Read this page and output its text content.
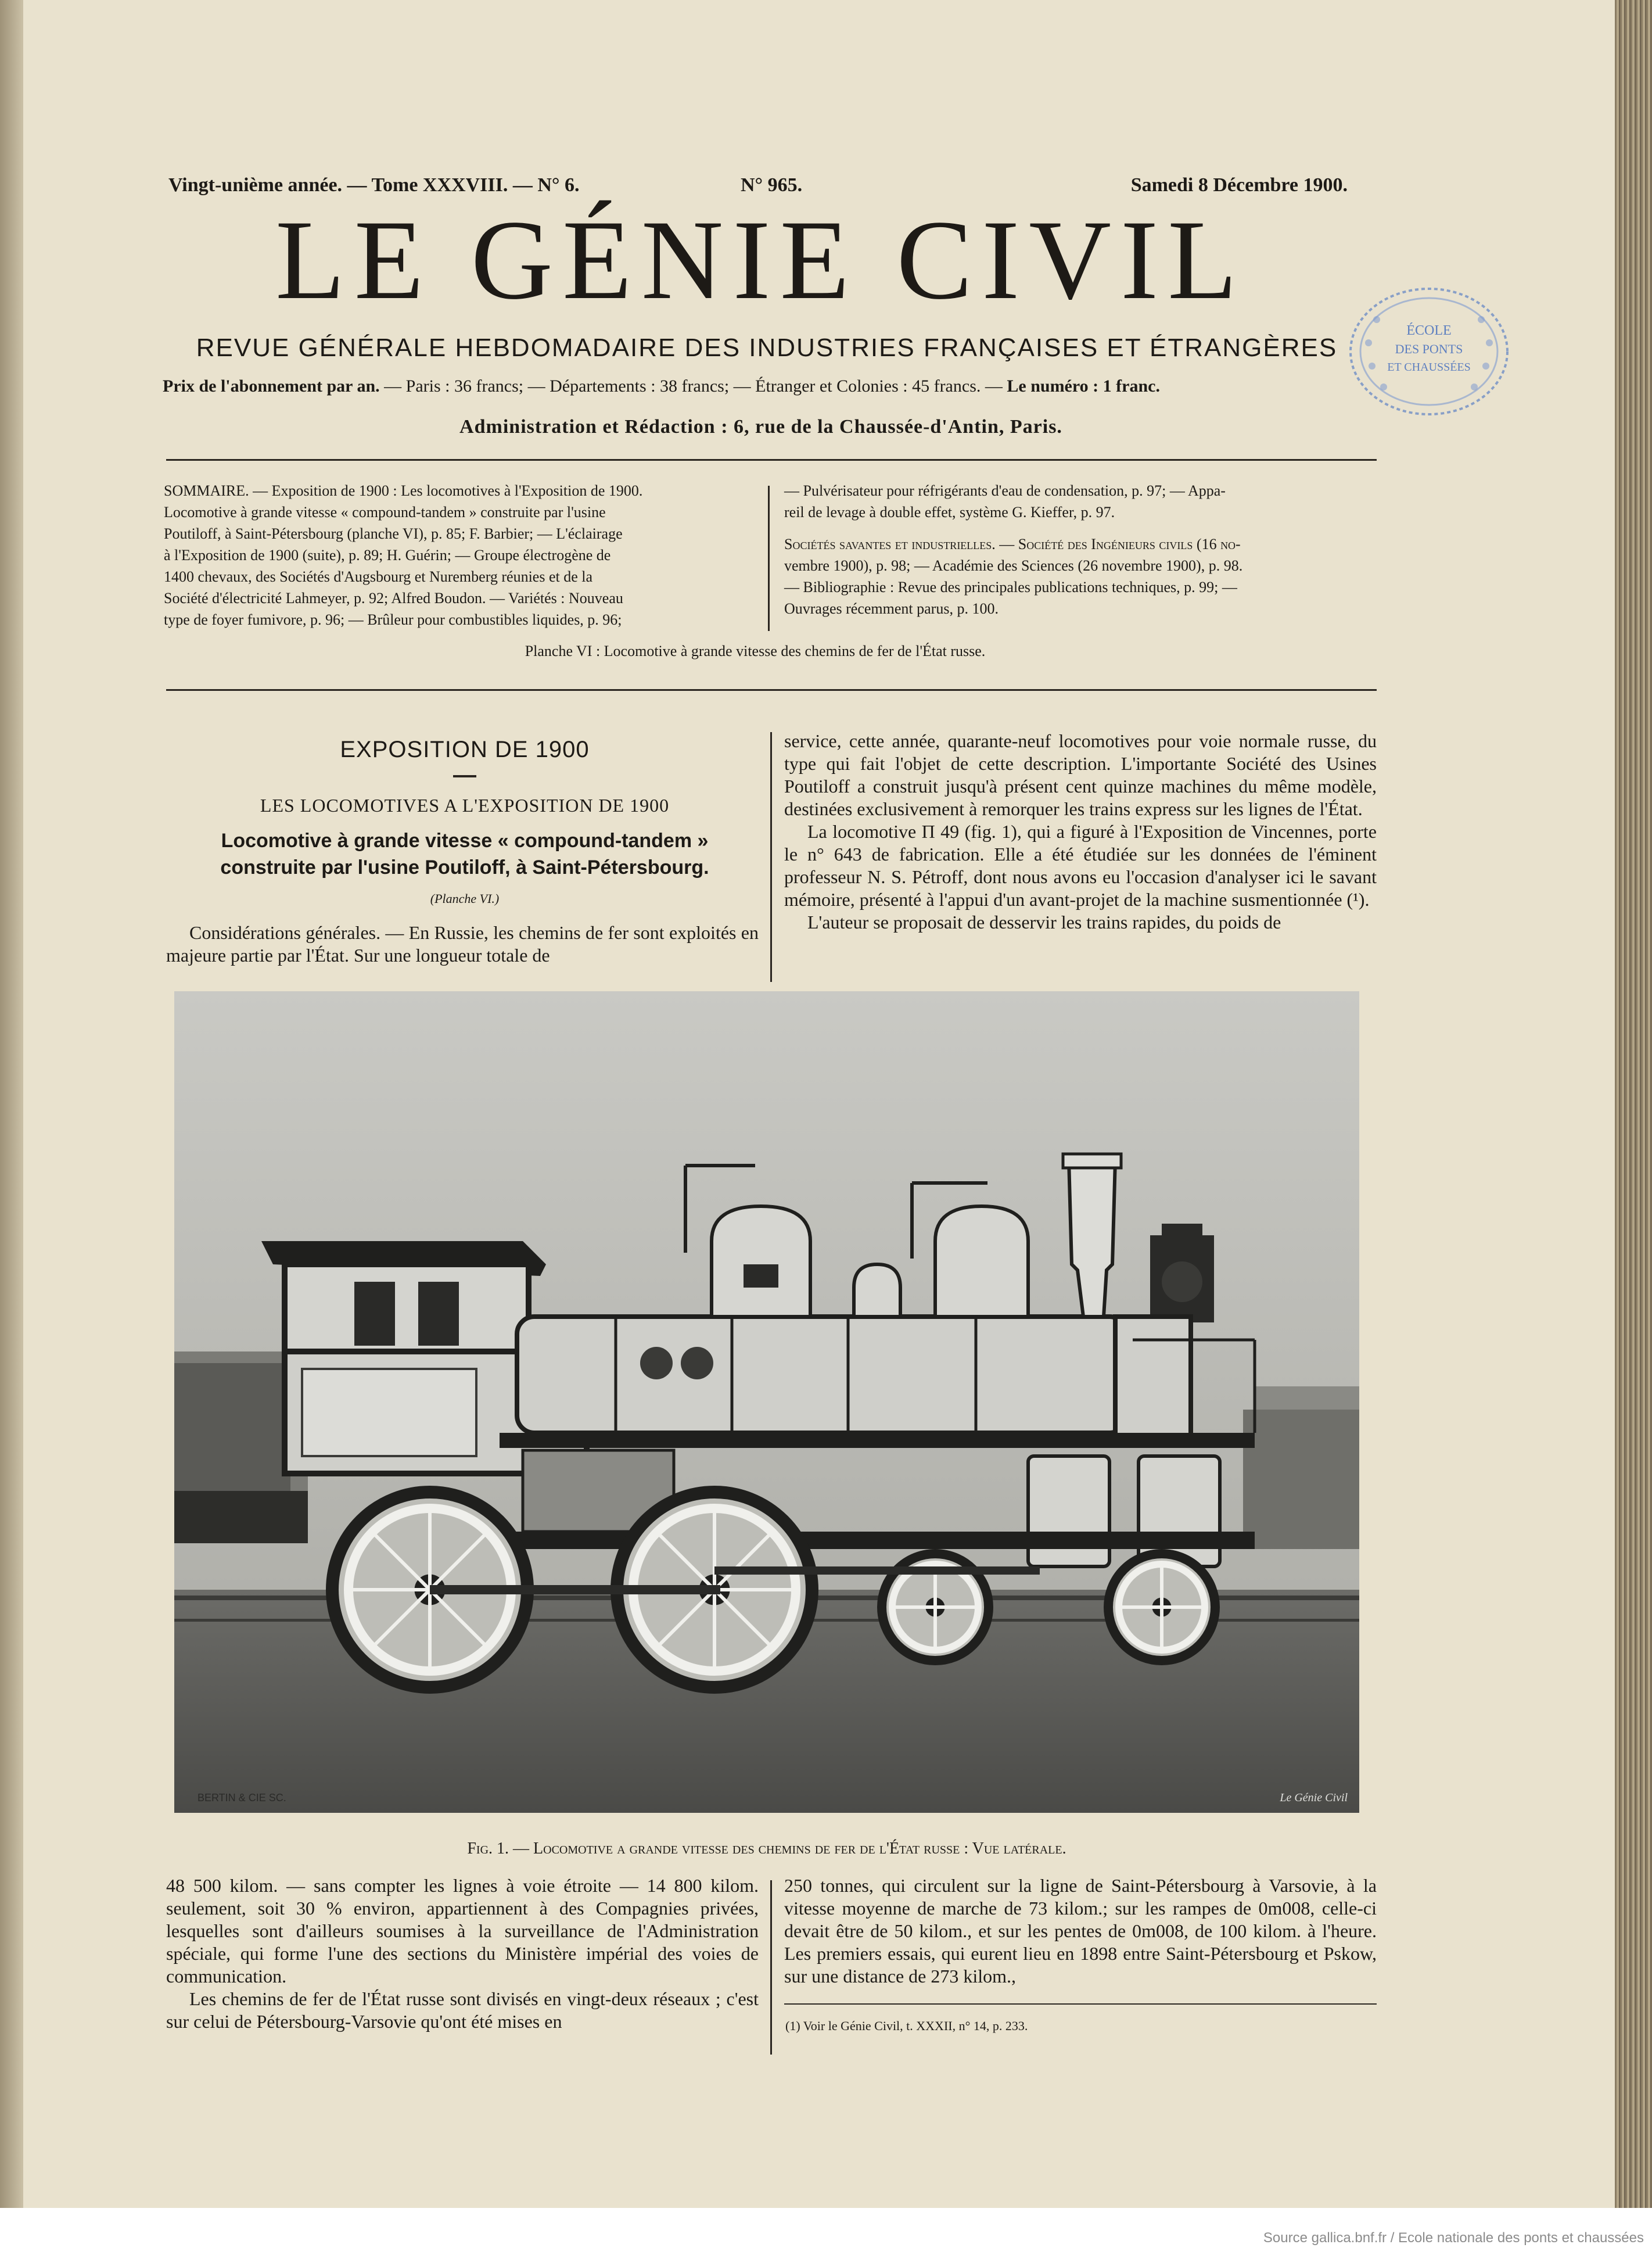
Vingt-unième année. — Tome XXXVIII. — N° 6.	N° 965.	Samedi 8 Décembre 1900.
LE GÉNIE CIVIL
REVUE GÉNÉRALE HEBDOMADAIRE DES INDUSTRIES FRANÇAISES ET ÉTRANGÈRES
Prix de l'abonnement par an. — Paris : 36 francs; — Départements : 38 francs; — Étranger et Colonies : 45 francs. — Le numéro : 1 franc.
Administration et Rédaction : 6, rue de la Chaussée-d'Antin, Paris.
ÉCOLE
DES PONTS
ET CHAUSSÉES
SOMMAIRE. — Exposition de 1900 : Les locomotives à l'Exposition de 1900.
Locomotive à grande vitesse « compound-tandem » construite par l'usine
Poutiloff, à Saint-Pétersbourg (planche VI), p. 85; F. Barbier; — L'éclairage
à l'Exposition de 1900 (suite), p. 89; H. Guérin; — Groupe électrogène de
1400 chevaux, des Sociétés d'Augsbourg et Nuremberg réunies et de la
Société d'électricité Lahmeyer, p. 92; Alfred Boudon. — Variétés : Nouveau
type de foyer fumivore, p. 96; — Brûleur pour combustibles liquides, p. 96;
— Pulvérisateur pour réfrigérants d'eau de condensation, p. 97; — Appa-
reil de levage à double effet, système G. Kieffer, p. 97.
Sociétés savantes et industrielles. — Société des Ingénieurs civils (16 no-
vembre 1900), p. 98; — Académie des Sciences (26 novembre 1900), p. 98.
— Bibliographie : Revue des principales publications techniques, p. 99; —
Ouvrages récemment parus, p. 100.
Planche VI : Locomotive à grande vitesse des chemins de fer de l'État russe.
EXPOSITION DE 1900
LES LOCOMOTIVES A L'EXPOSITION DE 1900
Locomotive à grande vitesse « compound-tandem »
construite par l'usine Poutiloff, à Saint-Pétersbourg.
(Planche VI.)

Considérations générales. — En Russie, les chemins de fer sont exploités en majeure partie par l'État. Sur une longueur totale de

service, cette année, quarante-neuf locomotives pour voie normale russe, du type qui fait l'objet de cette description. L'importante Société des Usines Poutiloff a construit jusqu'à présent cent quinze machines du même modèle, destinées exclusivement à remorquer les trains express sur les lignes de l'État.

La locomotive Π 49 (fig. 1), qui a figuré à l'Exposition de Vincennes, porte le n° 643 de fabrication. Elle a été étudiée sur les données de l'éminent professeur N. S. Pétroff, dont nous avons eu l'occasion d'analyser ici le savant mémoire, présenté à l'appui d'un avant-projet de la machine susmentionnée (¹).

L'auteur se proposait de desservir les trains rapides, du poids de

BERTIN & CIE SC.	Le Génie Civil
Fig. 1. — Locomotive a grande vitesse des chemins de fer de l'État russe : Vue latérale.

48 500 kilom. — sans compter les lignes à voie étroite — 14 800 kilom. seulement, soit 30 % environ, appartiennent à des Compagnies privées, lesquelles sont d'ailleurs soumises à la surveillance de l'Administration spéciale, qui forme l'une des sections du Ministère impérial des voies de communication.

Les chemins de fer de l'État russe sont divisés en vingt-deux réseaux ; c'est sur celui de Pétersbourg-Varsovie qu'ont été mises en

250 tonnes, qui circulent sur la ligne de Saint-Pétersbourg à Varsovie, à la vitesse moyenne de marche de 73 kilom.; sur les rampes de 0m008, celle-ci devait être de 50 kilom., et sur les pentes de 0m008, de 100 kilom. à l'heure. Les premiers essais, qui eurent lieu en 1898 entre Saint-Pétersbourg et Pskow, sur une distance de 273 kilom.,

(1) Voir le Génie Civil, t. XXXII, n° 14, p. 233.
Source gallica.bnf.fr / Ecole nationale des ponts et chaussées
